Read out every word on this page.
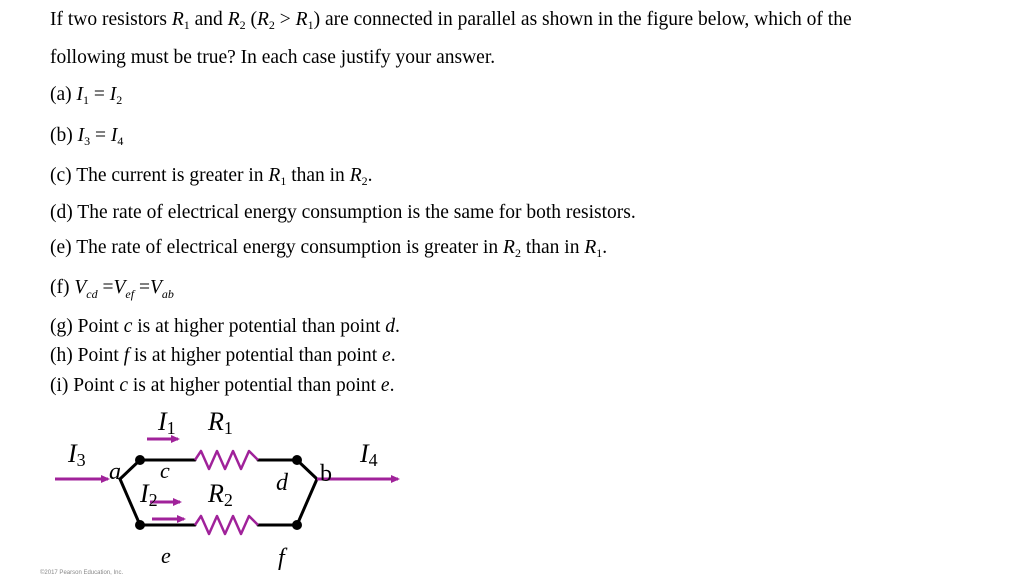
If two resistors $R_1$ and $R_2$ $(R_2 > R_1)$ are connected in parallel as shown in the figure below, which of the
following must be true? In each case justify your answer.
(a) $I_1 = I_2$
(b) $I_3 = I_4$
(c) The current is greater in $R_1$ than in $R_2$.
(d) The rate of electrical energy consumption is the same for both resistors.
(e) The rate of electrical energy consumption is greater in $R_2$ than in $R_1$.
(f) $V_{cd} =V_{ef} =V_{ab}$
(g) Point c is at higher potential than point d.
(h) Point f is at higher potential than point e.
(i) Point c is at higher potential than point e.
I1 R1
I3	I4
a c
I2 R2
d b
e	f
©2017 Pearson Education, Inc.
